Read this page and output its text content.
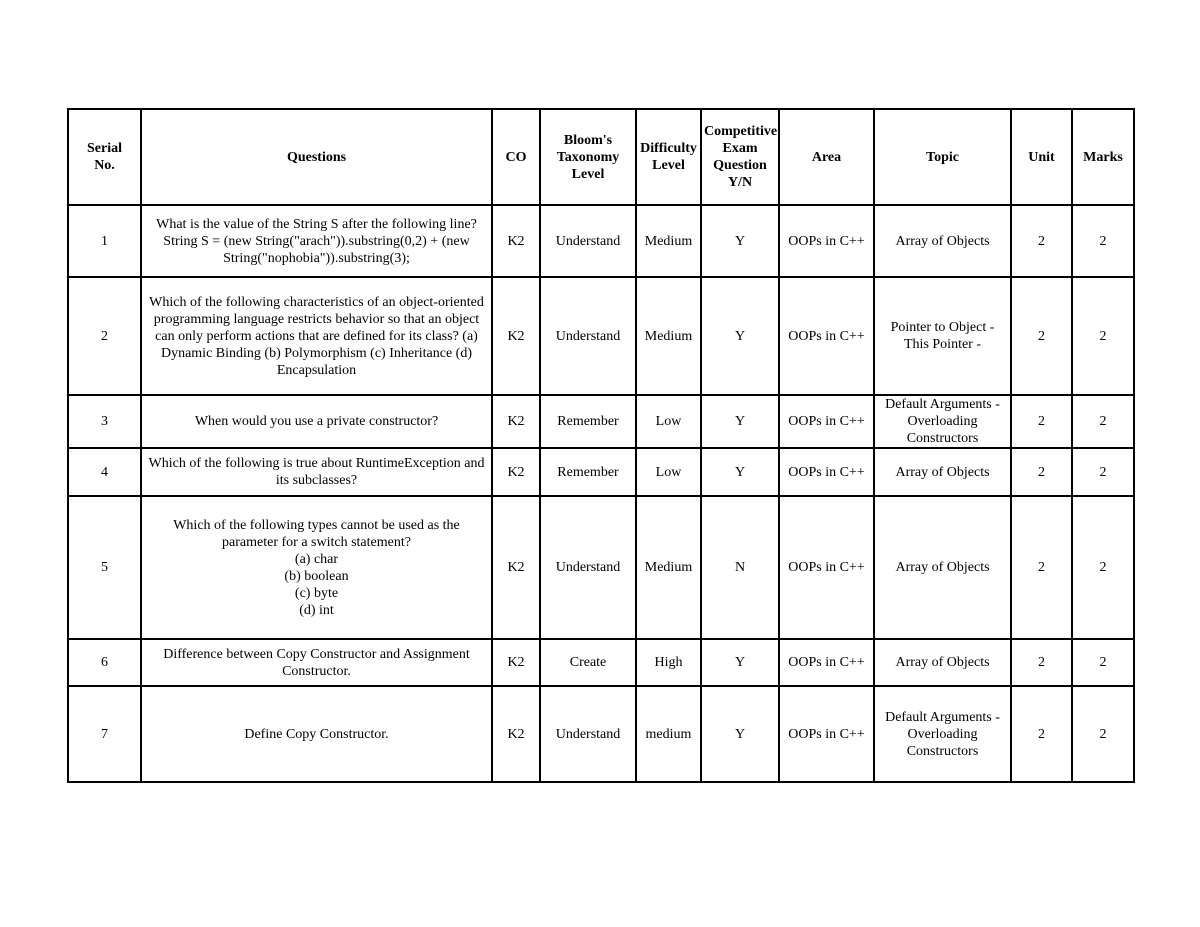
Serial
No.	Questions	CO	Bloom's Taxonomy Level	Difficulty Level	Competitive Exam Question Y/N	Area	Topic	Unit	Marks
1	What is the value of the String S after the following line? String S = (new String("arach")).substring(0,2) + (new String("nophobia")).substring(3);	K2	Understand	Medium	Y	OOPs in C++	Array of Objects	2	2
2	Which of the following characteristics of an object-oriented programming language restricts behavior so that an object can only perform actions that are defined for its class? (a) Dynamic Binding (b) Polymorphism (c) Inheritance (d) Encapsulation	K2	Understand	Medium	Y	OOPs in C++	Pointer to Object - This Pointer -	2	2
3	When would you use a private constructor?	K2	Remember	Low	Y	OOPs in C++	Default Arguments - Overloading Constructors	2	2
4	Which of the following is true about RuntimeException and its subclasses?	K2	Remember	Low	Y	OOPs in C++	Array of Objects	2	2
5	Which of the following types cannot be used as the parameter for a switch statement?
(a) char
(b) boolean
(c) byte
(d) int	K2	Understand	Medium	N	OOPs in C++	Array of Objects	2	2
6	Difference between Copy Constructor and Assignment Constructor.	K2	Create	High	Y	OOPs in C++	Array of Objects	2	2
7	Define Copy Constructor.	K2	Understand	medium	Y	OOPs in C++	Default Arguments - Overloading Constructors	2	2
